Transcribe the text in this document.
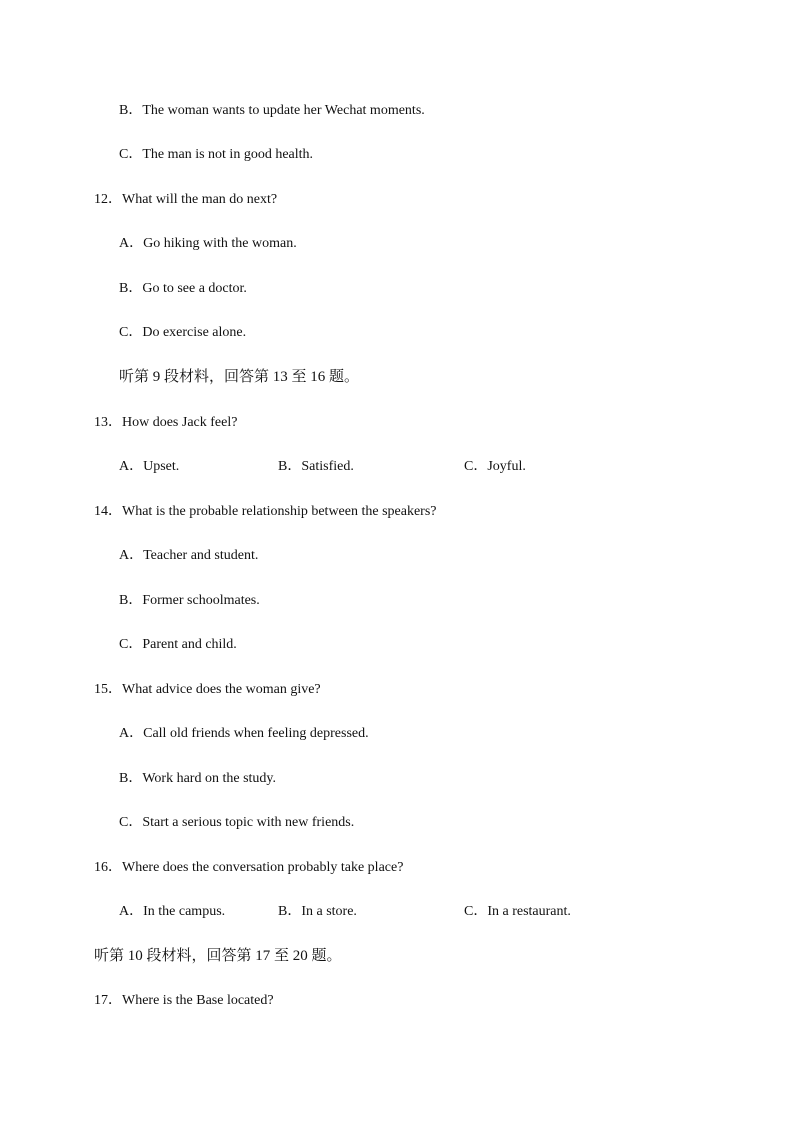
B．The woman wants to update her Wechat moments.
C．The man is not in good health.
12．What will the man do next?
A．Go hiking with the woman.
B．Go to see a doctor.
C．Do exercise alone.
听第 9 段材料，回答第 13 至 16 题。
13．How does Jack feel?
A．Upset.	B．Satisfied.	C．Joyful.
14．What is the probable relationship between the speakers?
A．Teacher and student.
B．Former schoolmates.
C．Parent and child.
15．What advice does the woman give?
A．Call old friends when feeling depressed.
B．Work hard on the study.
C．Start a serious topic with new friends.
16．Where does the conversation probably take place?
A．In the campus.	B．In a store.	C．In a restaurant.
听第 10 段材料，回答第 17 至 20 题。
17．Where is the Base located?
